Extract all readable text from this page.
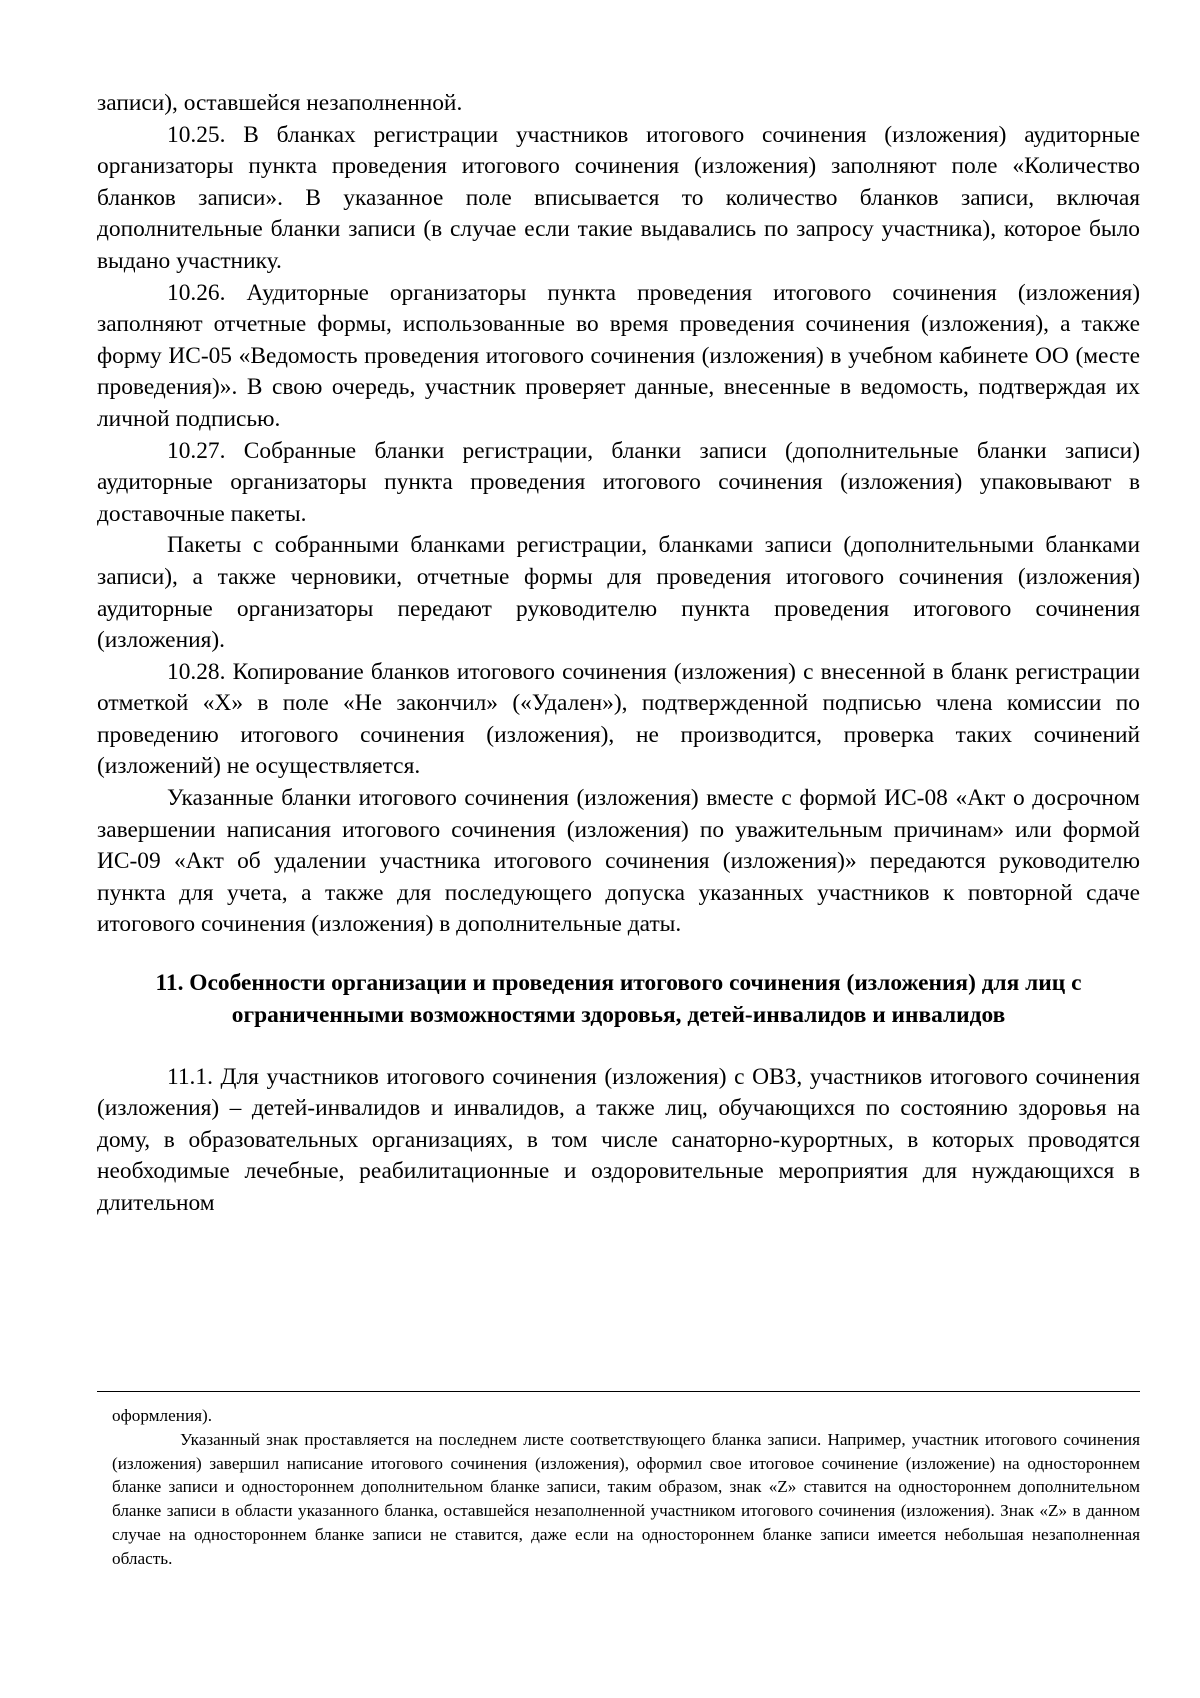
записи), оставшейся незаполненной.

10.25. В бланках регистрации участников итогового сочинения (изложения) аудиторные организаторы пункта проведения итогового сочинения (изложения) заполняют поле «Количество бланков записи». В указанное поле вписывается то количество бланков записи, включая дополнительные бланки записи (в случае если такие выдавались по запросу участника), которое было выдано участнику.

10.26. Аудиторные организаторы пункта проведения итогового сочинения (изложения) заполняют отчетные формы, использованные во время проведения сочинения (изложения), а также форму ИС-05 «Ведомость проведения итогового сочинения (изложения) в учебном кабинете ОО (месте проведения)». В свою очередь, участник проверяет данные, внесенные в ведомость, подтверждая их личной подписью.

10.27. Собранные бланки регистрации, бланки записи (дополнительные бланки записи) аудиторные организаторы пункта проведения итогового сочинения (изложения) упаковывают в доставочные пакеты.

Пакеты с собранными бланками регистрации, бланками записи (дополнительными бланками записи), а также черновики, отчетные формы для проведения итогового сочинения (изложения) аудиторные организаторы передают руководителю пункта проведения итогового сочинения (изложения).

10.28. Копирование бланков итогового сочинения (изложения) с внесенной в бланк регистрации отметкой «Х» в поле «Не закончил» («Удален»), подтвержденной подписью члена комиссии по проведению итогового сочинения (изложения), не производится, проверка таких сочинений (изложений) не осуществляется.

Указанные бланки итогового сочинения (изложения) вместе с формой ИС-08 «Акт о досрочном завершении написания итогового сочинения (изложения) по уважительным причинам» или формой ИС-09 «Акт об удалении участника итогового сочинения (изложения)» передаются руководителю пункта для учета, а также для последующего допуска указанных участников к повторной сдаче итогового сочинения (изложения) в дополнительные даты.

11. Особенности организации и проведения итогового сочинения (изложения) для лиц с ограниченными возможностями здоровья, детей-инвалидов и инвалидов

11.1. Для участников итогового сочинения (изложения) с ОВЗ, участников итогового сочинения (изложения) – детей-инвалидов и инвалидов, а также лиц, обучающихся по состоянию здоровья на дому, в образовательных организациях, в том числе санаторно-курортных, в которых проводятся необходимые лечебные, реабилитационные и оздоровительные мероприятия для нуждающихся в длительном

оформления).

Указанный знак проставляется на последнем листе соответствующего бланка записи. Например, участник итогового сочинения (изложения) завершил написание итогового сочинения (изложения), оформил свое итоговое сочинение (изложение) на одностороннем бланке записи и одностороннем дополнительном бланке записи, таким образом, знак «Z» ставится на одностороннем дополнительном бланке записи в области указанного бланка, оставшейся незаполненной участником итогового сочинения (изложения). Знак «Z» в данном случае на одностороннем бланке записи не ставится, даже если на одностороннем бланке записи имеется небольшая незаполненная область.
